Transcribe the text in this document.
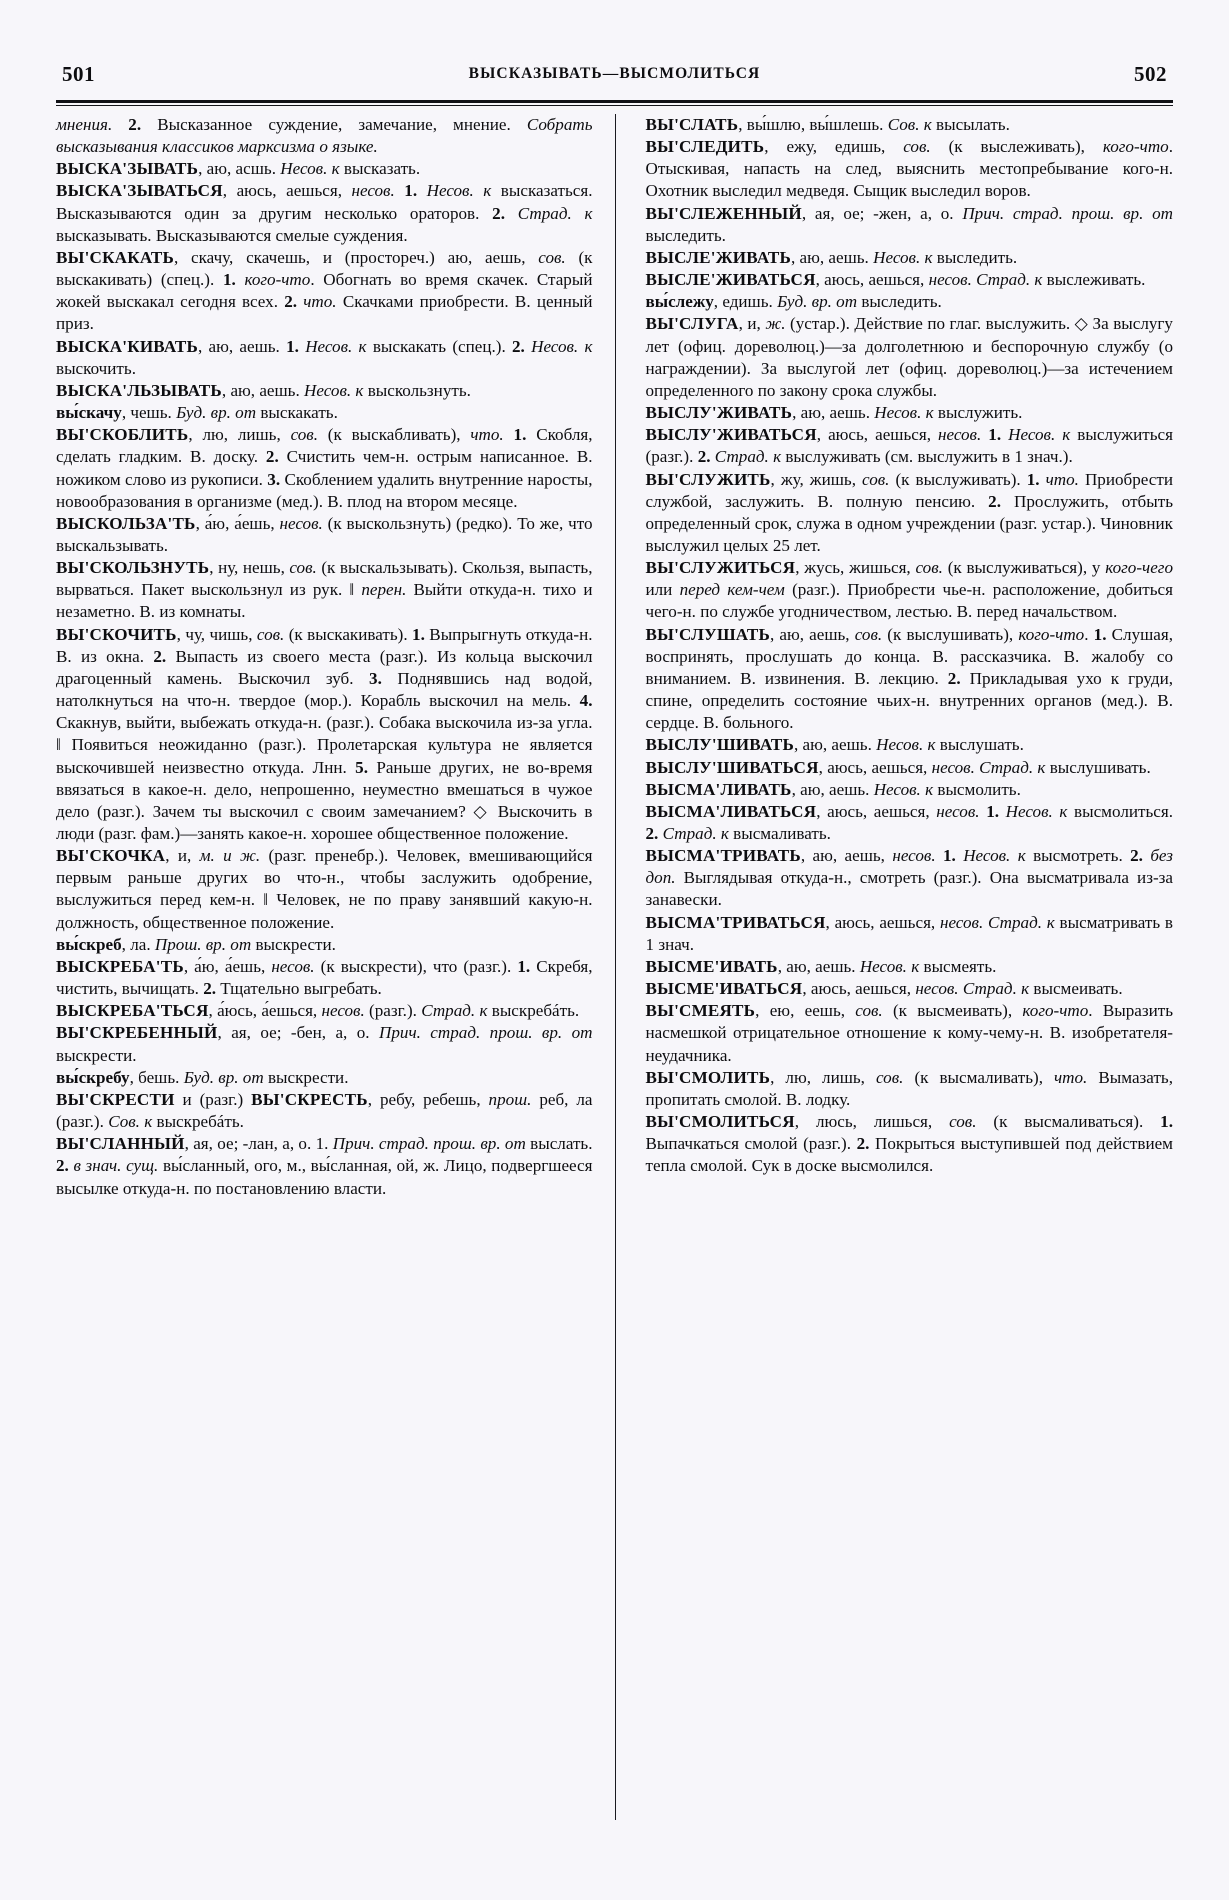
501	ВЫСКАЗЫВАТЬ—ВЫСМОЛИТЬСЯ	502

мнения. 2. Высказанное суждение, замечание, мнение. Собрать высказывания классиков марксизма о языке.

ВЫСКА'ЗЫВАТЬ, аю, асшь. Несов. к высказать.

ВЫСКА'ЗЫВАТЬСЯ, аюсь, аешься, несов. 1. Несов. к высказаться. Высказываются один за другим несколько ораторов. 2. Страд. к высказывать. Высказываются смелые суждения.

ВЫ'СКАКАТЬ, скачу, скачешь, и (простореч.) аю, аешь, сов. (к выскакивать) (спец.). 1. кого-что. Обогнать во время скачек. Старый жокей выскакал сегодня всех. 2. что. Скачками приобрести. В. ценный приз.

ВЫСКА'КИВАТЬ, аю, аешь. 1. Несов. к выскакать (спец.). 2. Несов. к выскочить.

ВЫСКА'ЛЬЗЫВАТЬ, аю, аешь. Несов. к выскользнуть.

вы́скачу, чешь. Буд. вр. от выскакать.

ВЫ'СКОБЛИТЬ, лю, лишь, сов. (к выскабливать), что. 1. Скобля, сделать гладким. В. доску. 2. Счистить чем-н. острым написанное. В. ножиком слово из рукописи. 3. Скоблением удалить внутренние наросты, новообразования в организме (мед.). В. плод на втором месяце.

ВЫСКОЛЬЗА'ТЬ, а́ю, а́ешь, несов. (к выскользнуть) (редко). То же, что выскальзывать.

ВЫ'СКОЛЬЗНУТЬ, ну, нешь, сов. (к выскальзывать). Скользя, выпасть, вырваться. Пакет выскользнул из рук. ‖ перен. Выйти откуда-н. тихо и незаметно. В. из комнаты.

ВЫ'СКОЧИТЬ, чу, чишь, сов. (к выскакивать). 1. Выпрыгнуть откуда-н. В. из окна. 2. Выпасть из своего места (разг.). Из кольца выскочил драгоценный камень. Выскочил зуб. 3. Поднявшись над водой, натолкнуться на что-н. твердое (мор.). Корабль выскочил на мель. 4. Скакнув, выйти, выбежать откуда-н. (разг.). Собака выскочила из-за угла. ‖ Появиться неожиданно (разг.). Пролетарская культура не является выскочившей неизвестно откуда. Лнн. 5. Раньше других, не во-время ввязаться в какое-н. дело, непрошенно, неуместно вмешаться в чужое дело (разг.). Зачем ты выскочил с своим замечанием? ◇ Выскочить в люди (разг. фам.)—занять какое-н. хорошее общественное положение.

ВЫ'СКОЧКА, и, м. и ж. (разг. пренебр.). Человек, вмешивающийся первым раньше других во что-н., чтобы заслужить одобрение, выслужиться перед кем-н. ‖ Человек, не по праву занявший какую-н. должность, общественное положение.

вы́скреб, ла. Прош. вр. от выскрести.

ВЫСКРЕБА'ТЬ, а́ю, а́ешь, несов. (к выскрести), что (разг.). 1. Скребя, чистить, вычищать. 2. Тщательно выгребать.

ВЫСКРЕБА'ТЬСЯ, а́юсь, а́ешься, несов. (разг.). Страд. к выскребáть.

ВЫ'СКРЕБЕННЫЙ, ая, ое; -бен, а, о. Прич. страд. прош. вр. от выскрести.

вы́скребу, бешь. Буд. вр. от выскрести.

ВЫ'СКРЕСТИ и (разг.) ВЫ'СКРЕСТЬ, ребу, ребешь, прош. реб, ла (разг.). Сов. к выскребáть.

ВЫ'СЛАННЫЙ, ая, ое; -лан, а, о. 1. Прич. страд. прош. вр. от выслать. 2. в знач. сущ. вы́сланный, ого, м., вы́сланная, ой, ж. Лицо, подвергшееся высылке откуда-н. по постановлению власти.

ВЫ'СЛАТЬ, вы́шлю, вы́шлешь. Сов. к высылать.

ВЫ'СЛЕДИТЬ, ежу, едишь, сов. (к выслеживать), кого-что. Отыскивая, напасть на след, выяснить местопребывание кого-н. Охотник выследил медведя. Сыщик выследил воров.

ВЫ'СЛЕЖЕННЫЙ, ая, ое; -жен, а, о. Прич. страд. прош. вр. от выследить.

ВЫСЛЕ'ЖИВАТЬ, аю, аешь. Несов. к выследить.

ВЫСЛЕ'ЖИВАТЬСЯ, аюсь, аешься, несов. Страд. к выслеживать.

вы́слежу, едишь. Буд. вр. от выследить.

ВЫ'СЛУГА, и, ж. (устар.). Действие по глаг. выслужить. ◇ За выслугу лет (офиц. дореволюц.)—за долголетнюю и беспорочную службу (о награждении). За выслугой лет (офиц. дореволюц.)—за истечением определенного по закону срока службы.

ВЫСЛУ'ЖИВАТЬ, аю, аешь. Несов. к выслужить.

ВЫСЛУ'ЖИВАТЬСЯ, аюсь, аешься, несов. 1. Несов. к выслужиться (разг.). 2. Страд. к выслуживать (см. выслужить в 1 знач.).

ВЫ'СЛУЖИТЬ, жу, жишь, сов. (к выслуживать). 1. что. Приобрести службой, заслужить. В. полную пенсию. 2. Прослужить, отбыть определенный срок, служа в одном учреждении (разг. устар.). Чиновник выслужил целых 25 лет.

ВЫ'СЛУЖИТЬСЯ, жусь, жишься, сов. (к выслуживаться), у кого-чего или перед кем-чем (разг.). Приобрести чье-н. расположение, добиться чего-н. по службе угодничеством, лестью. В. перед начальством.

ВЫ'СЛУШАТЬ, аю, аешь, сов. (к выслушивать), кого-что. 1. Слушая, воспринять, прослушать до конца. В. рассказчика. В. жалобу со вниманием. В. извинения. В. лекцию. 2. Прикладывая ухо к груди, спине, определить состояние чьих-н. внутренних органов (мед.). В. сердце. В. больного.

ВЫСЛУ'ШИВАТЬ, аю, аешь. Несов. к выслушать.

ВЫСЛУ'ШИВАТЬСЯ, аюсь, аешься, несов. Страд. к выслушивать.

ВЫСМА'ЛИВАТЬ, аю, аешь. Несов. к высмолить.

ВЫСМА'ЛИВАТЬСЯ, аюсь, аешься, несов. 1. Несов. к высмолиться. 2. Страд. к высмаливать.

ВЫСМА'ТРИВАТЬ, аю, аешь, несов. 1. Несов. к высмотреть. 2. без доп. Выглядывая откуда-н., смотреть (разг.). Она высматривала из-за занавески.

ВЫСМА'ТРИВАТЬСЯ, аюсь, аешься, несов. Страд. к высматривать в 1 знач.

ВЫСМЕ'ИВАТЬ, аю, аешь. Несов. к высмеять.

ВЫСМЕ'ИВАТЬСЯ, аюсь, аешься, несов. Страд. к высмеивать.

ВЫ'СМЕЯТЬ, ею, еешь, сов. (к высмеивать), кого-что. Выразить насмешкой отрицательное отношение к кому-чему-н. В. изобретателя-неудачника.

ВЫ'СМОЛИТЬ, лю, лишь, сов. (к высмаливать), что. Вымазать, пропитать смолой. В. лодку.

ВЫ'СМОЛИТЬСЯ, люсь, лишься, сов. (к высмаливаться). 1. Выпачкаться смолой (разг.). 2. Покрыться выступившей под действием тепла смолой. Сук в доске высмолился.
